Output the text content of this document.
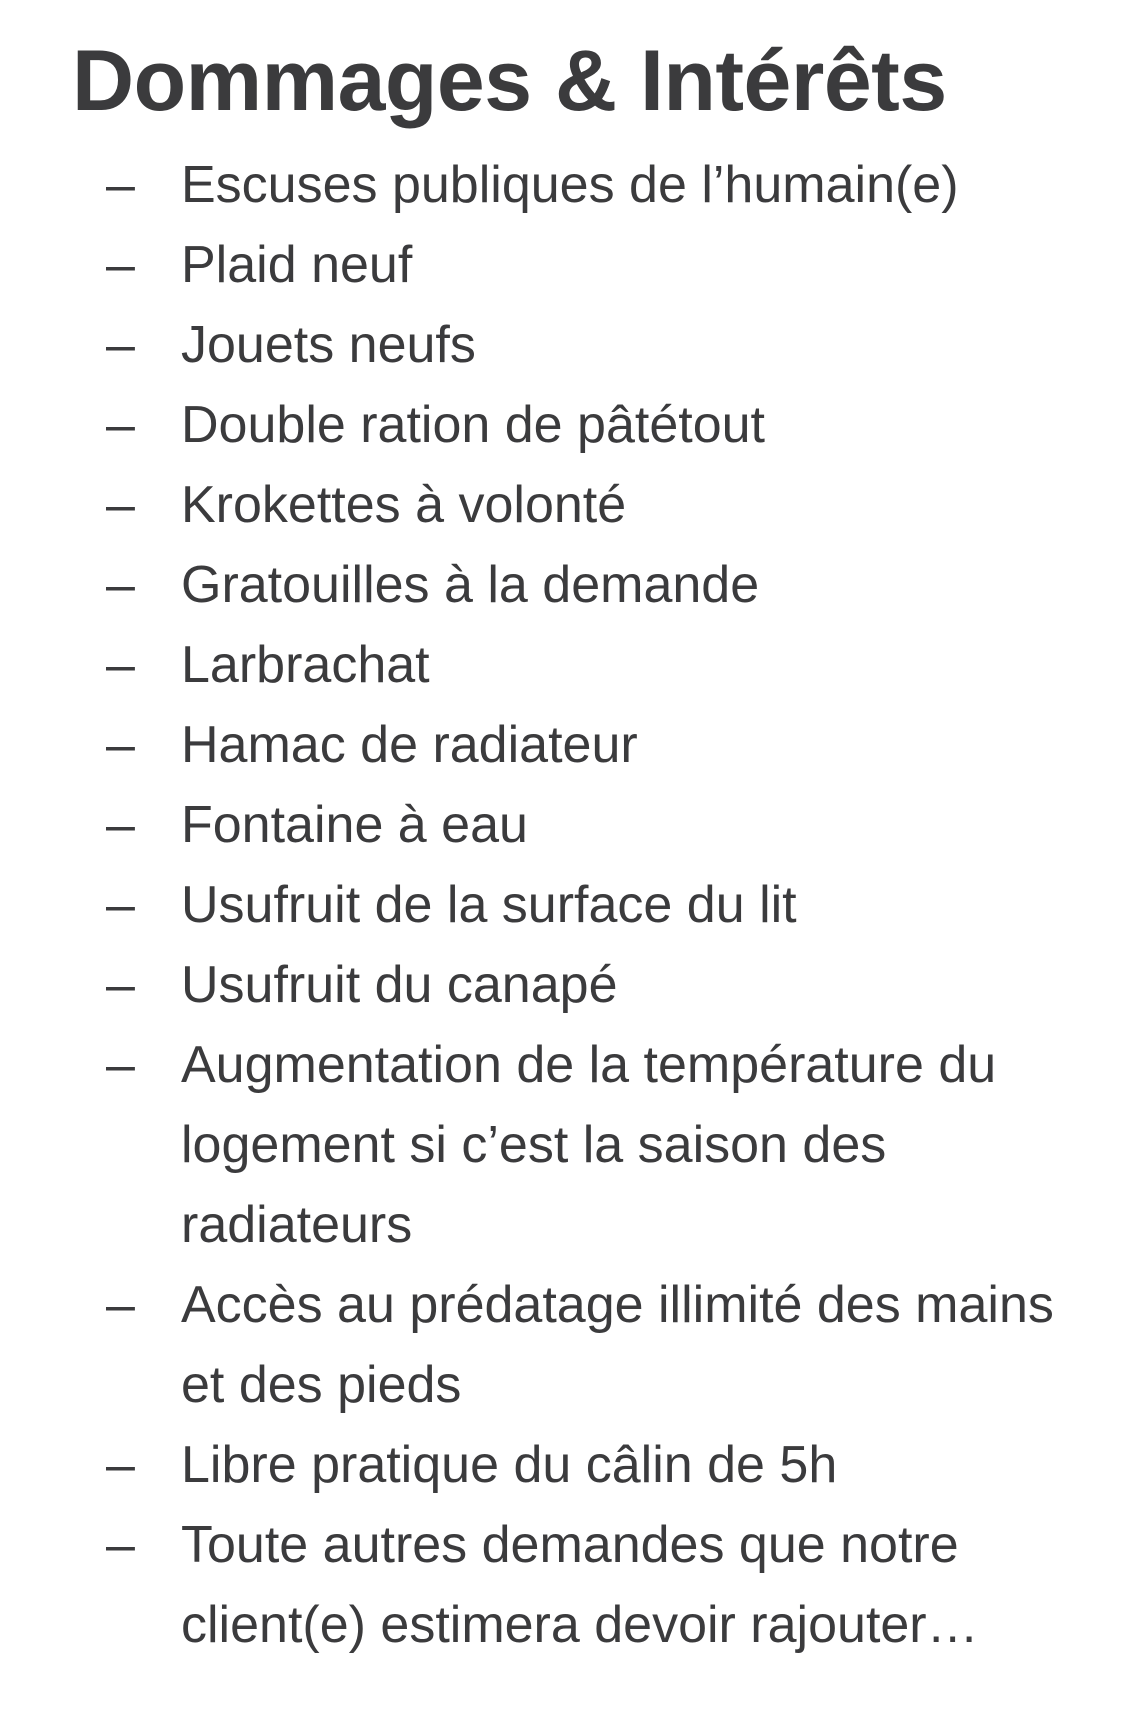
Dommages & Intérêts
– Escuses publiques de l’humain(e)
– Plaid neuf
– Jouets neufs
– Double ration de pâtétout
– Krokettes à volonté
– Gratouilles à la demande
– Larbrachat
– Hamac de radiateur
– Fontaine à eau
– Usufruit de la surface du lit
– Usufruit du canapé
– Augmentation de la température du logement si c’est la saison des radiateurs
– Accès au prédatage illimité des mains et des pieds
– Libre pratique du câlin de 5h
– Toute autres demandes que notre client(e) estimera devoir rajouter…
